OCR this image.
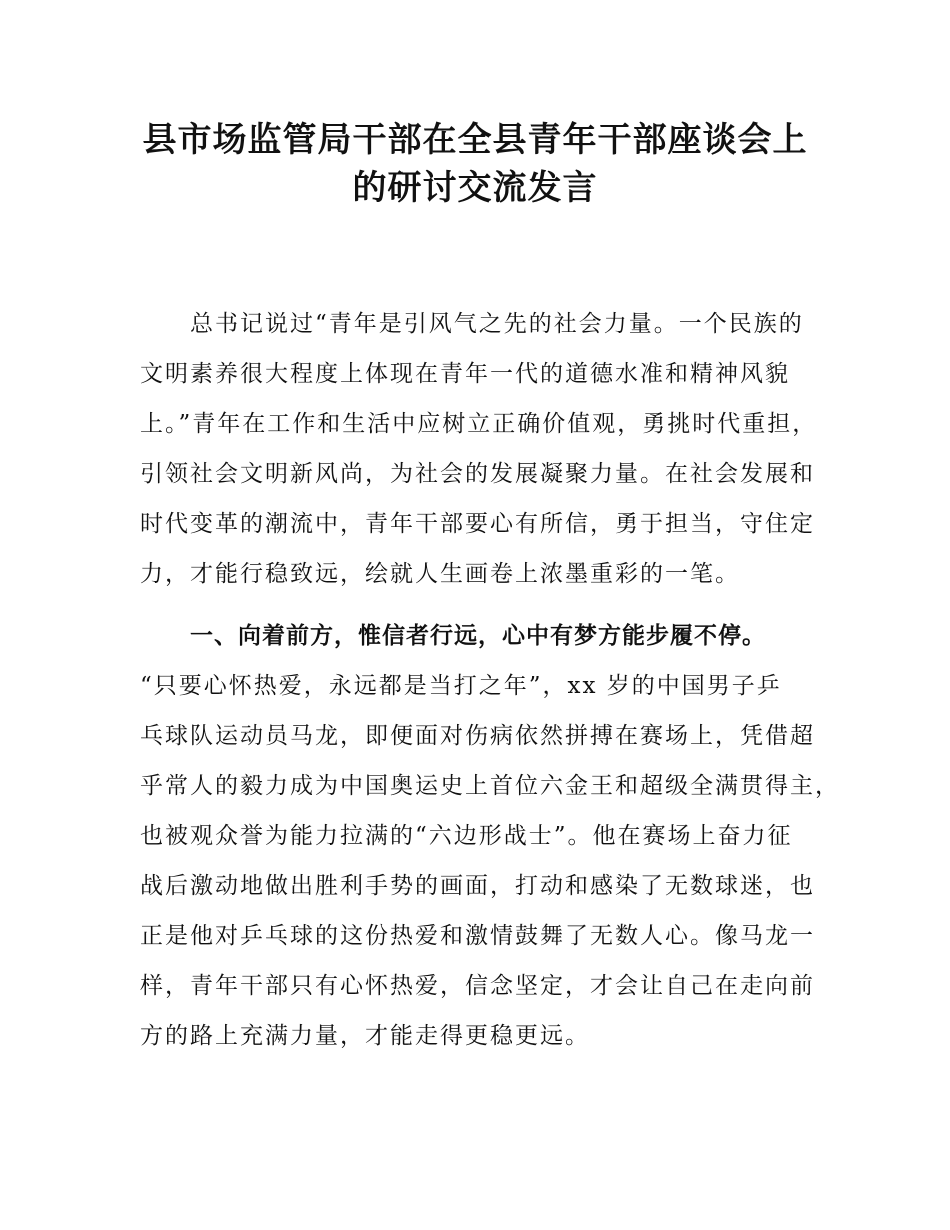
县市场监管局干部在全县青年干部座谈会上
的研讨交流发言

总书记说过“青年是引风气之先的社会力量。一个民族的

文明素养很大程度上体现在青年一代的道德水准和精神风貌

上。”青年在工作和生活中应树立正确价值观，勇挑时代重担，

引领社会文明新风尚，为社会的发展凝聚力量。在社会发展和

时代变革的潮流中，青年干部要心有所信，勇于担当，守住定

力，才能行稳致远，绘就人生画卷上浓墨重彩的一笔。

一、向着前方，惟信者行远，心中有梦方能步履不停。

“只要心怀热爱，永远都是当打之年”，xx 岁的中国男子乒

乓球队运动员马龙，即便面对伤病依然拼搏在赛场上，凭借超

乎常人的毅力成为中国奥运史上首位六金王和超级全满贯得主，

也被观众誉为能力拉满的“六边形战士”。他在赛场上奋力征

战后激动地做出胜利手势的画面，打动和感染了无数球迷，也

正是他对乒乓球的这份热爱和激情鼓舞了无数人心。像马龙一

样，青年干部只有心怀热爱，信念坚定，才会让自己在走向前

方的路上充满力量，才能走得更稳更远。
